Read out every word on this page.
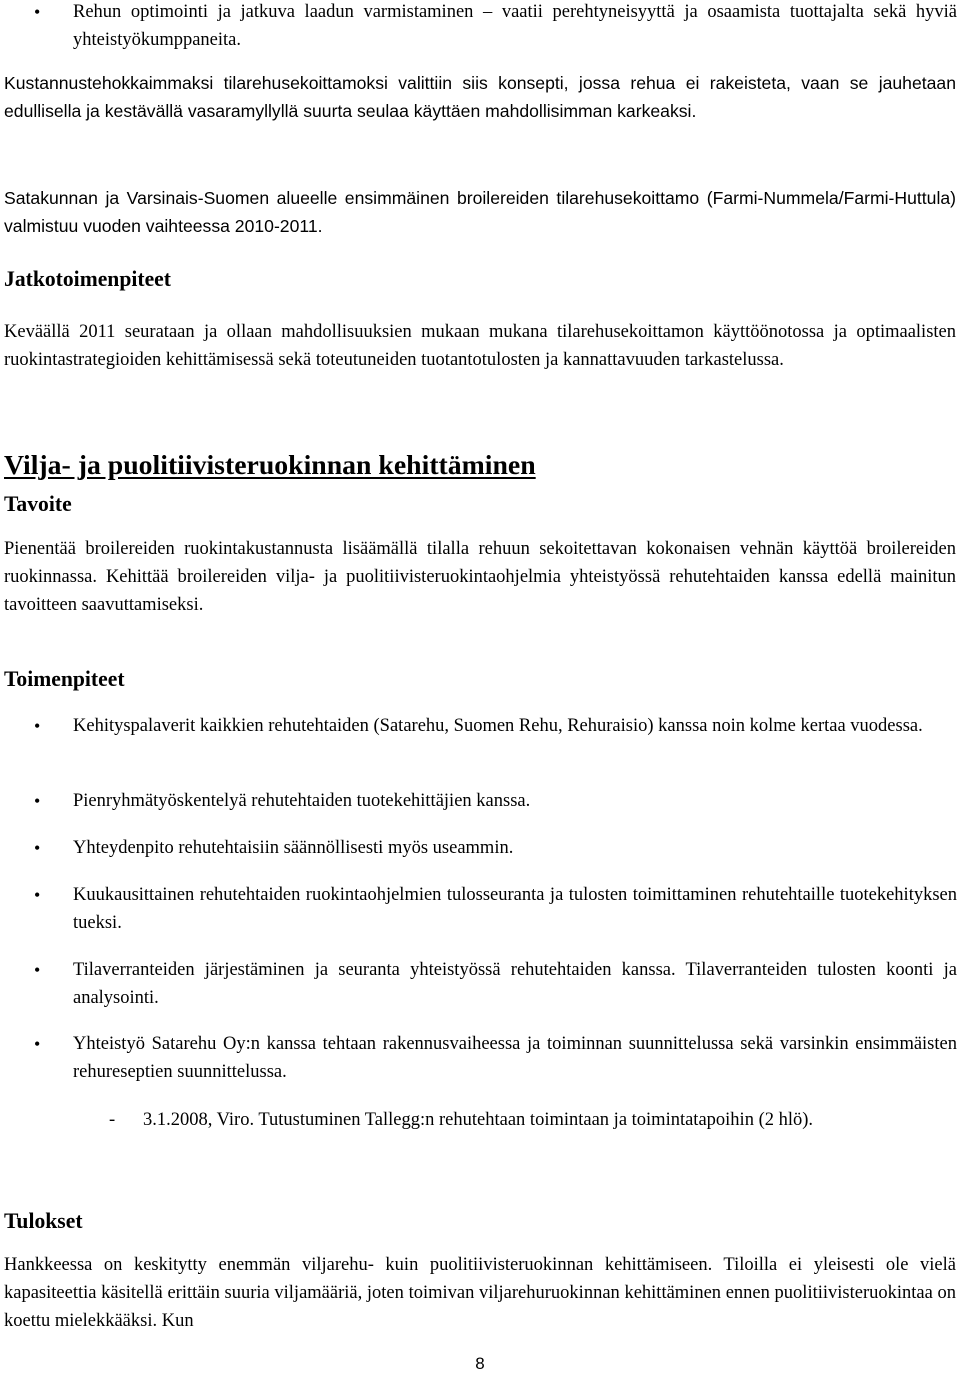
• Rehun optimointi ja jatkuva laadun varmistaminen – vaatii perehtyneisyyttä ja osaamista tuottajalta sekä hyviä yhteistyökumppaneita.

Kustannustehokkaimmaksi tilarehusekoittamoksi valittiin siis konsepti, jossa rehua ei rakeisteta, vaan se jauhetaan edullisella ja kestävällä vasaramyllyllä suurta seulaa käyttäen mahdollisimman karkeaksi.

Satakunnan ja Varsinais-Suomen alueelle ensimmäinen broilereiden tilarehusekoittamo (Farmi-Nummela/Farmi-Huttula) valmistuu vuoden vaihteessa 2010-2011.

Jatkotoimenpiteet

Keväällä 2011 seurataan ja ollaan mahdollisuuksien mukaan mukana tilarehusekoittamon käyttöönotossa ja optimaalisten ruokintastrategioiden kehittämisessä sekä toteutuneiden tuotantotulosten ja kannattavuuden tarkastelussa.

Vilja- ja puolitiivisteruokinnan kehittäminen
Tavoite

Pienentää broilereiden ruokintakustannusta lisäämällä tilalla rehuun sekoitettavan kokonaisen vehnän käyttöä broilereiden ruokinnassa. Kehittää broilereiden vilja- ja puolitiivisteruokintaohjelmia yhteistyössä rehutehtaiden kanssa edellä mainitun tavoitteen saavuttamiseksi.

Toimenpiteet
• Kehityspalaverit kaikkien rehutehtaiden (Satarehu, Suomen Rehu, Rehuraisio) kanssa noin kolme kertaa vuodessa.

• Pienryhmätyöskentelyä rehutehtaiden tuotekehittäjien kanssa.

• Yhteydenpito rehutehtaisiin säännöllisesti myös useammin.

• Kuukausittainen rehutehtaiden ruokintaohjelmien tulosseuranta ja tulosten toimittaminen rehutehtaille tuotekehityksen tueksi.

• Tilaverranteiden järjestäminen ja seuranta yhteistyössä rehutehtaiden kanssa. Tilaverranteiden tulosten koonti ja analysointi.

• Yhteistyö Satarehu Oy:n kanssa tehtaan rakennusvaiheessa ja toiminnan suunnittelussa sekä varsinkin ensimmäisten rehureseptien suunnittelussa.

- 3.1.2008, Viro. Tutustuminen Tallegg:n rehutehtaan toimintaan ja toimintatapoihin (2 hlö).

Tulokset

Hankkeessa on keskitytty enemmän viljarehu- kuin puolitiivisteruokinnan kehittämiseen. Tiloilla ei yleisesti ole vielä kapasiteettia käsitellä erittäin suuria viljamääriä, joten toimivan viljarehuruokinnan kehittäminen ennen puolitiivisteruokintaa on koettu mielekkääksi. Kun

8
